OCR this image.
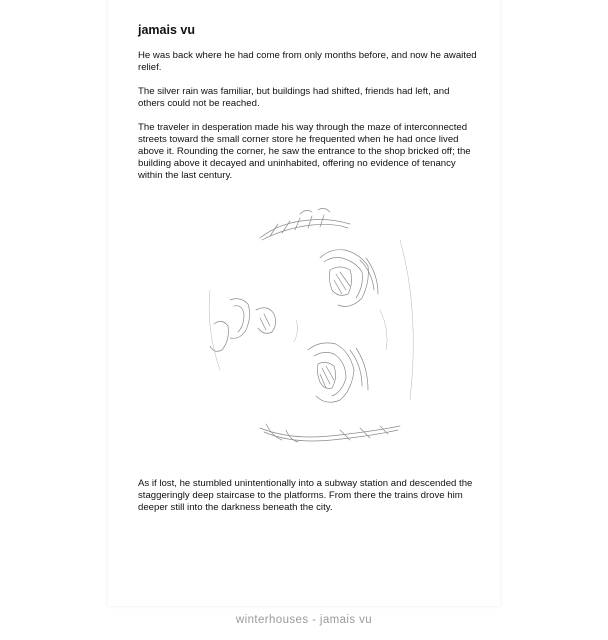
jamais vu

He was back where he had come from only months before, and now he awaited relief.

The silver rain was familiar, but buildings had shifted, friends had left, and others could not be reached.

The traveler in desperation made his way through the maze of interconnected streets toward the small corner store he frequented when he had once lived above it. Rounding the corner, he saw the entrance to the shop bricked off; the building above it decayed and uninhabited, offering no evidence of tenancy within the last century.

As if lost, he stumbled unintentionally into a subway station and descended the staggeringly deep staircase to the platforms. From there the trains drove him deeper still into the darkness beneath the city.

winterhouses - jamais vu
